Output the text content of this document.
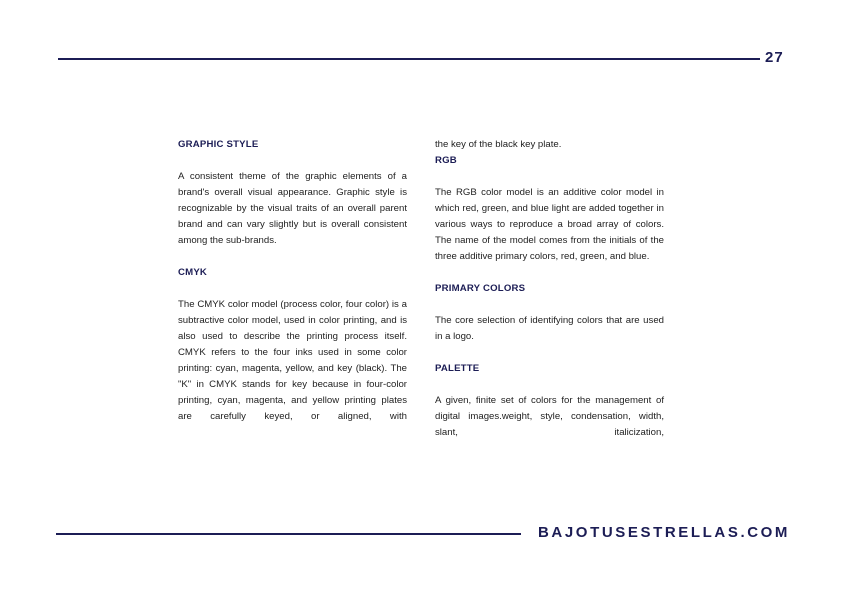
27
GRAPHIC STYLE

A consistent theme of the graphic elements of a brand's overall visual appearance. Graphic style is recognizable by the visual traits of an overall parent brand and can vary slightly but is overall consistent among the sub-brands.

CMYK

The CMYK color model (process color, four color) is a subtractive color model, used in color printing, and is also used to describe the printing process itself. CMYK refers to the four inks used in some color printing: cyan, magenta, yellow, and key (black). The "K" in CMYK stands for key because in four-color printing, cyan, magenta, and yellow printing plates are carefully keyed, or aligned, with

the key of the black key plate.

RGB

The RGB color model is an additive color model in which red, green, and blue light are added together in various ways to reproduce a broad array of colors. The name of the model comes from the initials of the three additive primary colors, red, green, and blue.

PRIMARY COLORS

The core selection of identifying colors that are used in a logo.

PALETTE

A given, finite set of colors for the management of digital images.weight, style, condensation, width, slant, italicization,

BAJOTUSESTRELLAS.COM
